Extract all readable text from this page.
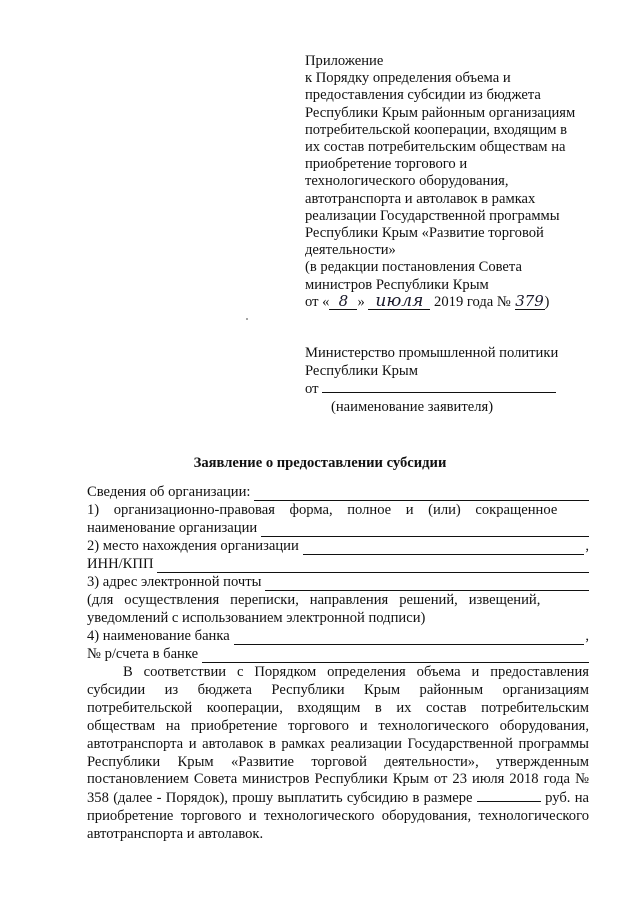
Приложение
к Порядку определения объема и
предоставления субсидии из бюджета
Республики Крым районным организациям
потребительской кооперации, входящим в
их состав потребительским обществам на
приобретение торгового и
технологического оборудования,
автотранспорта и автолавок в рамках
реализации Государственной программы
Республики Крым «Развитие торговой
деятельности»
(в редакции постановления Совета
министров Республики Крым
от « 8 » июля 2019 года № 379)
Министерство промышленной политики
Республики Крым
от
(наименование заявителя)
Заявление о предоставлении субсидии
Сведения об организации:
1)    организационно-правовая    форма,    полное    и    (или)    сокращенное
наименование организации
2) место нахождения организации	,
ИНН/КПП
3) адрес электронной почты
(для   осуществления   переписки,   направления   решений,   извещений,
уведомлений с использованием электронной подписи)
4) наименование банка	,
№ р/счета в банке
В соответствии с Порядком определения объема и предоставления субсидии из бюджета Республики Крым районным организациям потребительской кооперации, входящим в их состав потребительским обществам на приобретение торгового и технологического оборудования, автотранспорта и автолавок в рамках реализации Государственной программы Республики Крым «Развитие торговой деятельности», утвержденным постановлением Совета министров Республики Крым от 23 июля 2018 года № 358 (далее - Порядок), прошу выплатить субсидию в размере	руб. на приобретение торгового и технологического оборудования, технологического автотранспорта и автолавок.
